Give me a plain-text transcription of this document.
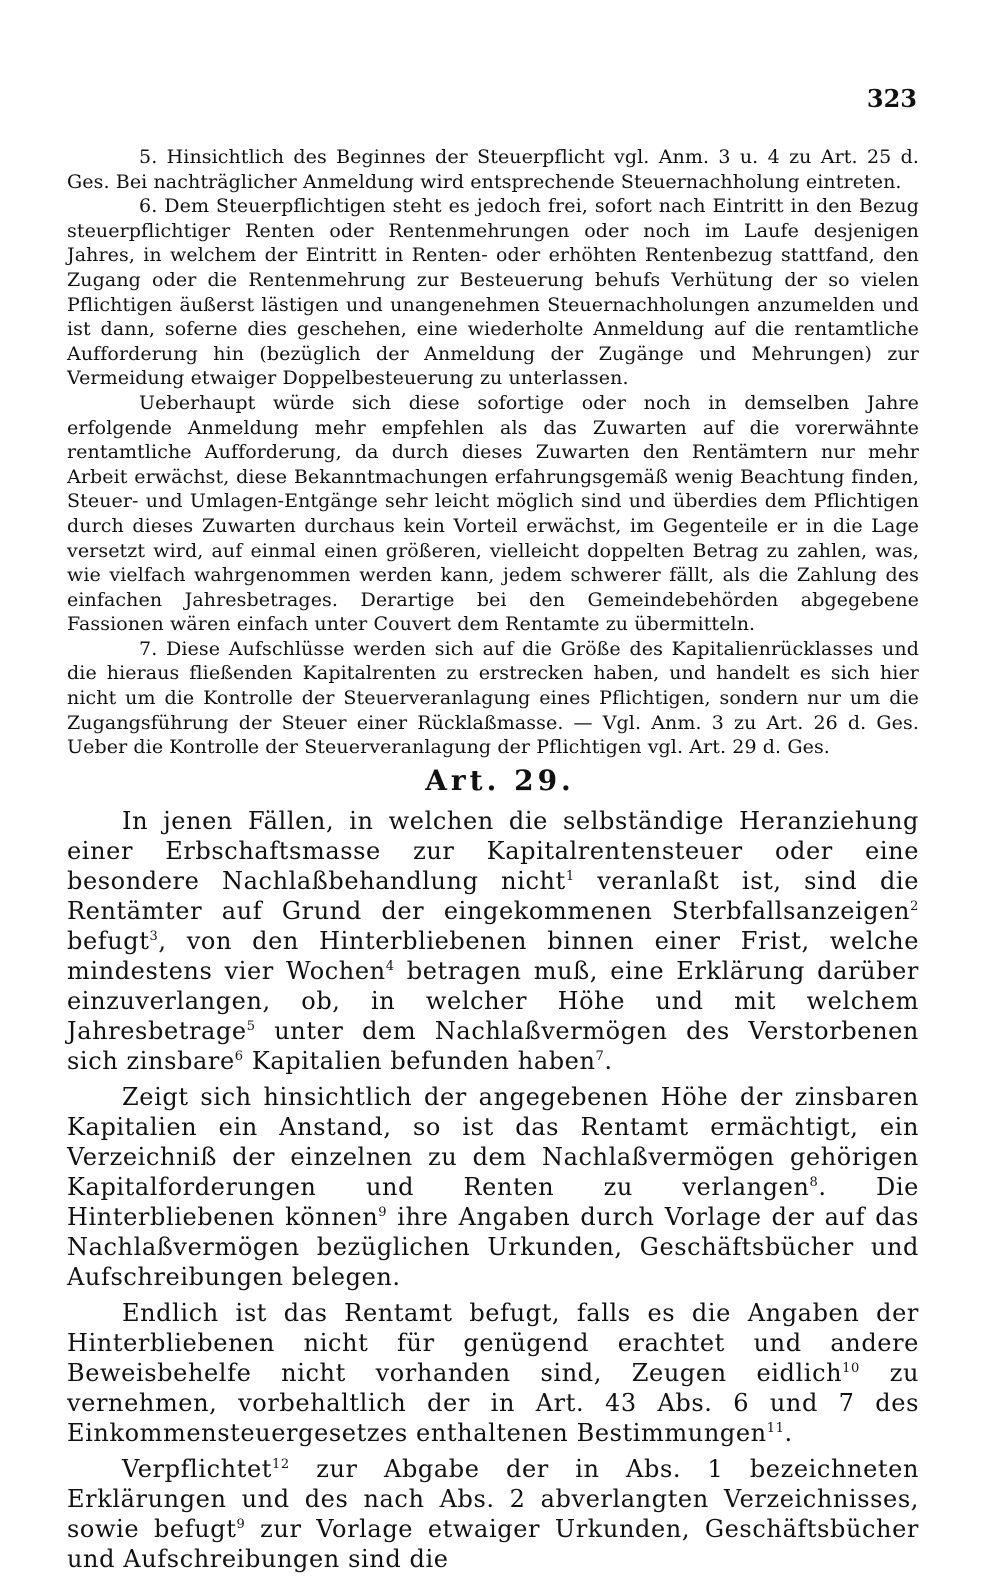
323

5. Hinsichtlich des Beginnes der Steuerpflicht vgl. Anm. 3 u. 4 zu Art. 25 d. Ges. Bei nachträglicher Anmeldung wird entsprechende Steuernachholung eintreten.

6. Dem Steuerpflichtigen steht es jedoch frei, sofort nach Eintritt in den Bezug steuerpflichtiger Renten oder Rentenmehrungen oder noch im Laufe desjenigen Jahres, in welchem der Eintritt in Renten- oder erhöhten Rentenbezug stattfand, den Zugang oder die Rentenmehrung zur Besteuerung behufs Verhütung der so vielen Pflichtigen äußerst lästigen und unangenehmen Steuernachholungen anzumelden und ist dann, soferne dies geschehen, eine wiederholte Anmeldung auf die rentamtliche Aufforderung hin (bezüglich der Anmeldung der Zugänge und Mehrungen) zur Vermeidung etwaiger Doppelbesteuerung zu unterlassen.

Ueberhaupt würde sich diese sofortige oder noch in demselben Jahre erfolgende Anmeldung mehr empfehlen als das Zuwarten auf die vorerwähnte rentamtliche Aufforderung, da durch dieses Zuwarten den Rentämtern nur mehr Arbeit erwächst, diese Bekanntmachungen erfahrungsgemäß wenig Beachtung finden, Steuer- und Umlagen-Entgänge sehr leicht möglich sind und überdies dem Pflichtigen durch dieses Zuwarten durchaus kein Vorteil erwächst, im Gegenteile er in die Lage versetzt wird, auf einmal einen größeren, vielleicht doppelten Betrag zu zahlen, was, wie vielfach wahrgenommen werden kann, jedem schwerer fällt, als die Zahlung des einfachen Jahresbetrages. Derartige bei den Gemeindebehörden abgegebene Fassionen wären einfach unter Couvert dem Rentamte zu übermitteln.

7. Diese Aufschlüsse werden sich auf die Größe des Kapitalienrücklasses und die hieraus fließenden Kapitalrenten zu erstrecken haben, und handelt es sich hier nicht um die Kontrolle der Steuerveranlagung eines Pflichtigen, sondern nur um die Zugangsführung der Steuer einer Rücklaßmasse. — Vgl. Anm. 3 zu Art. 26 d. Ges. Ueber die Kontrolle der Steuerveranlagung der Pflichtigen vgl. Art. 29 d. Ges.

Art. 29.

In jenen Fällen, in welchen die selbständige Heranziehung einer Erbschaftsmasse zur Kapitalrentensteuer oder eine besondere Nachlaßbehandlung nicht$^1$ veranlaßt ist, sind die Rentämter auf Grund der eingekommenen Sterbfallsanzeigen$^2$ befugt$^3$, von den Hinterbliebenen binnen einer Frist, welche mindestens vier Wochen$^4$ betragen muß, eine Erklärung darüber einzuverlangen, ob, in welcher Höhe und mit welchem Jahresbetrage$^5$ unter dem Nachlaßvermögen des Verstorbenen sich zinsbare$^6$ Kapitalien befunden haben$^7$.

Zeigt sich hinsichtlich der angegebenen Höhe der zinsbaren Kapitalien ein Anstand, so ist das Rentamt ermächtigt, ein Verzeichniß der einzelnen zu dem Nachlaßvermögen gehörigen Kapitalforderungen und Renten zu verlangen$^8$. Die Hinterbliebenen können$^9$ ihre Angaben durch Vorlage der auf das Nachlaßvermögen bezüglichen Urkunden, Geschäftsbücher und Aufschreibungen belegen.

Endlich ist das Rentamt befugt, falls es die Angaben der Hinterbliebenen nicht für genügend erachtet und andere Beweisbehelfe nicht vorhanden sind, Zeugen eidlich$^{10}$ zu vernehmen, vorbehaltlich der in Art. 43 Abs. 6 und 7 des Einkommensteuergesetzes enthaltenen Bestimmungen$^{11}$.

Verpflichtet$^{12}$ zur Abgabe der in Abs. 1 bezeichneten Erklärungen und des nach Abs. 2 abverlangten Verzeichnisses, sowie befugt$^9$ zur Vorlage etwaiger Urkunden, Geschäftsbücher und Aufschreibungen sind die
